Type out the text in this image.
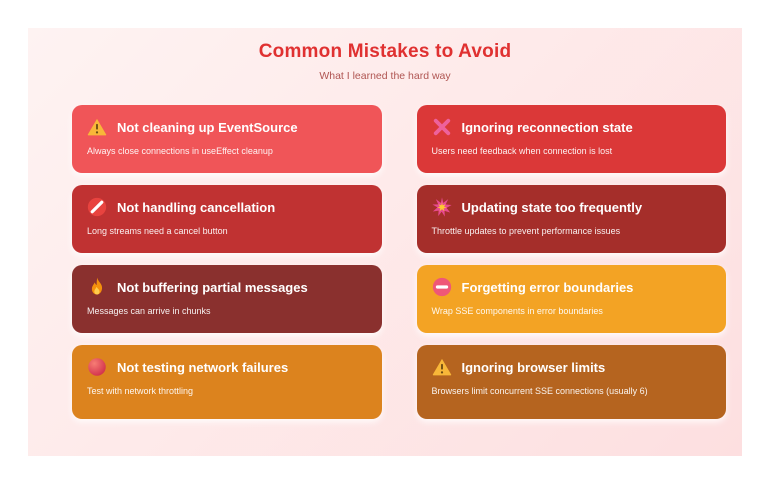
Common Mistakes to Avoid
What I learned the hard way
Not cleaning up EventSource
Always close connections in useEffect cleanup
Ignoring reconnection state
Users need feedback when connection is lost
Not handling cancellation
Long streams need a cancel button
Updating state too frequently
Throttle updates to prevent performance issues
Not buffering partial messages
Messages can arrive in chunks
Forgetting error boundaries
Wrap SSE components in error boundaries
Not testing network failures
Test with network throttling
Ignoring browser limits
Browsers limit concurrent SSE connections (usually 6)
